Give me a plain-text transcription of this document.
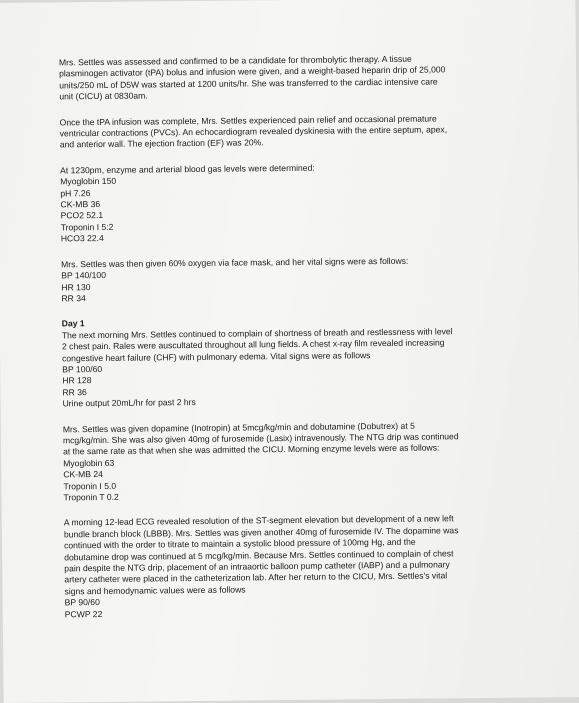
Mrs. Settles was assessed and confirmed to be a candidate for thrombolytic therapy. A tissue
plasminogen activator (tPA) bolus and infusion were given, and a weight-based heparin drip of 25,000
units/250 mL of D5W was started at 1200 units/hr. She was transferred to the cardiac intensive care
unit (CICU) at 0830am.
Once the tPA infusion was complete, Mrs. Settles experienced pain relief and occasional premature
ventricular contractions (PVCs). An echocardiogram revealed dyskinesia with the entire septum, apex,
and anterior wall. The ejection fraction (EF) was 20%.
At 1230pm, enzyme and arterial blood gas levels were determined:
Myoglobin 150
pH 7.26
CK-MB 36
PCO2 52.1
Troponin I 5:2
HCO3 22.4
Mrs. Settles was then given 60% oxygen via face mask, and her vital signs were as follows:
BP 140/100
HR 130
RR 34
Day 1
The next morning Mrs. Settles continued to complain of shortness of breath and restlessness with level
2 chest pain. Rales were auscultated throughout all lung fields. A chest x-ray film revealed increasing
congestive heart failure (CHF) with pulmonary edema. Vital signs were as follows
BP 100/60
HR 128
RR 36
Urine output 20mL/hr for past 2 hrs
Mrs. Settles was given dopamine (Inotropin) at 5mcg/kg/min and dobutamine (Dobutrex) at 5
mcg/kg/min. She was also given 40mg of furosemide (Lasix) intravenously. The NTG drip was continued
at the same rate as that when she was admitted the CICU. Morning enzyme levels were as follows:
Myoglobin 63
CK-MB 24
Troponin I 5.0
Troponin T 0.2
A morning 12-lead ECG revealed resolution of the ST-segment elevation but development of a new left
bundle branch block (LBBB). Mrs. Settles was given another 40mg of furosemide IV. The dopamine was
continued with the order to titrate to maintain a systolic blood pressure of 100mg Hg, and the
dobutamine drop was continued at 5 mcg/kg/min. Because Mrs. Settles continued to complain of chest
pain despite the NTG drip, placement of an intraaortic balloon pump catheter (IABP) and a pulmonary
artery catheter were placed in the catheterization lab. After her return to the CICU, Mrs. Settles's vital
signs and hemodynamic values were as follows
BP 90/60
PCWP 22
